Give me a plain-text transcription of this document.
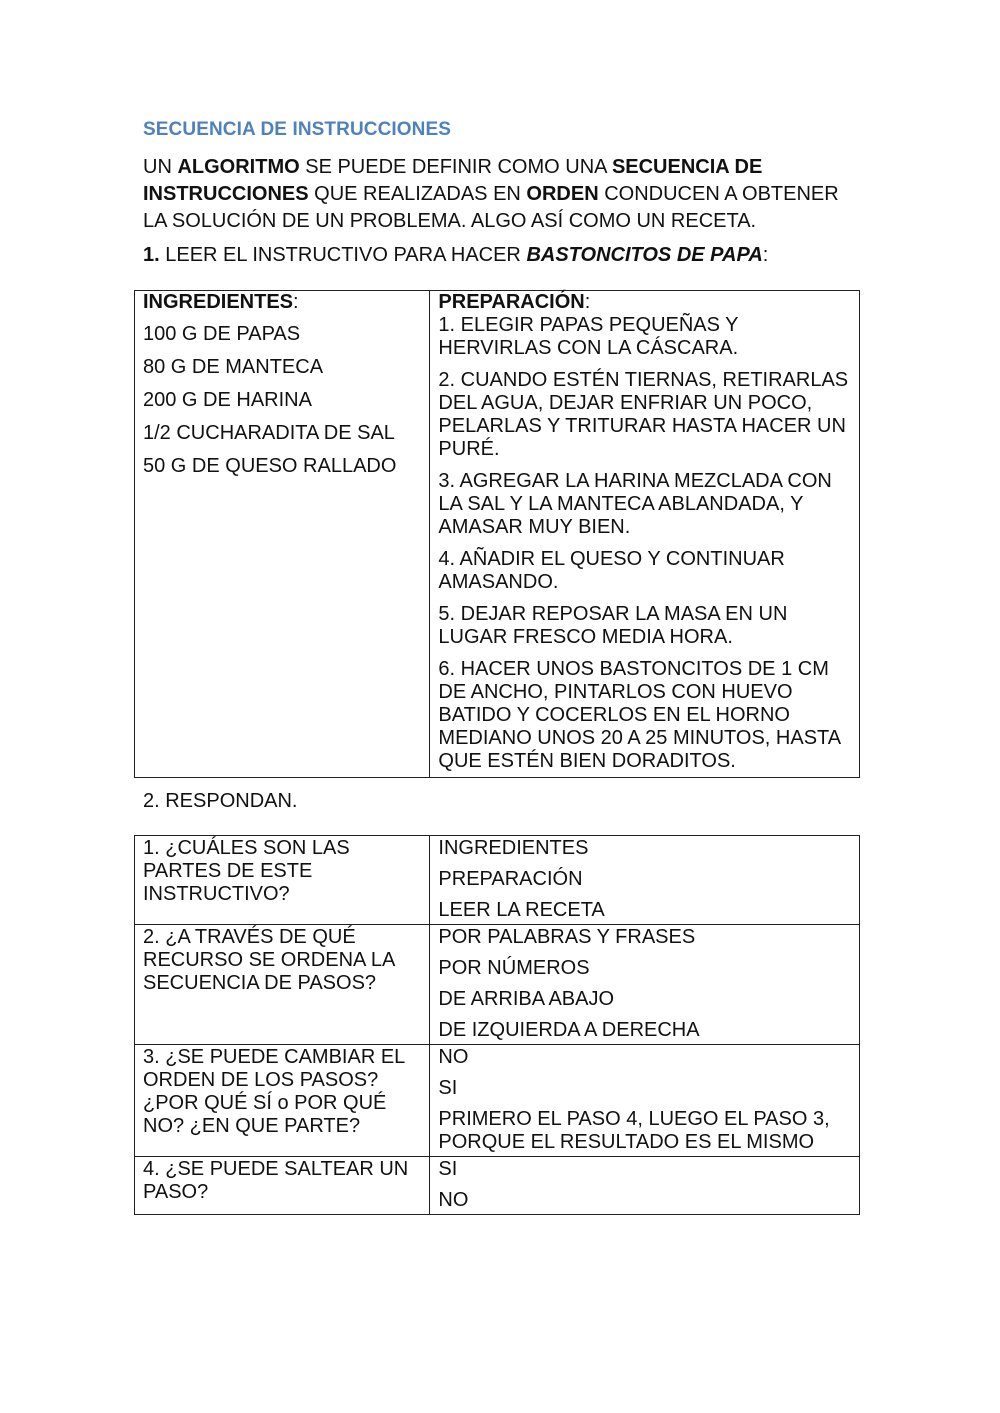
SECUENCIA DE INSTRUCCIONES
UN ALGORITMO SE PUEDE DEFINIR COMO UNA SECUENCIA DE INSTRUCCIONES QUE REALIZADAS EN ORDEN CONDUCEN A OBTENER LA SOLUCIÓN DE UN PROBLEMA. ALGO ASÍ COMO UN RECETA.
1. LEER EL INSTRUCTIVO PARA HACER BASTONCITOS DE PAPA:

INGREDIENTES:

100 G DE PAPAS

80 G DE MANTECA

200 G DE HARINA

1/2 CUCHARADITA DE SAL

50 G DE QUESO RALLADO

PREPARACIÓN:

1. ELEGIR PAPAS PEQUEÑAS Y HERVIRLAS CON LA CÁSCARA.

2. CUANDO ESTÉN TIERNAS, RETIRARLAS DEL AGUA, DEJAR ENFRIAR UN POCO, PELARLAS Y TRITURAR HASTA HACER UN PURÉ.

3. AGREGAR LA HARINA MEZCLADA CON LA SAL Y LA MANTECA ABLANDADA, Y AMASAR MUY BIEN.

4. AÑADIR EL QUESO Y CONTINUAR AMASANDO.

5. DEJAR REPOSAR LA MASA EN UN LUGAR FRESCO MEDIA HORA.

6. HACER UNOS BASTONCITOS DE 1 CM DE ANCHO, PINTARLOS CON HUEVO BATIDO Y COCERLOS EN EL HORNO MEDIANO UNOS 20 A 25 MINUTOS, HASTA QUE ESTÉN BIEN DORADITOS.

2. RESPONDAN.
1. ¿CUÁLES SON LAS PARTES DE ESTE INSTRUCTIVO?	INGREDIENTES

PREPARACIÓN

LEER LA RECETA

2. ¿A TRAVÉS DE QUÉ RECURSO SE ORDENA LA SECUENCIA DE PASOS?	POR PALABRAS Y FRASES

POR NÚMEROS

DE ARRIBA ABAJO

DE IZQUIERDA A DERECHA

3. ¿SE PUEDE CAMBIAR EL ORDEN DE LOS PASOS? ¿POR QUÉ SÍ o POR QUÉ NO? ¿EN QUE PARTE?	NO

SI

PRIMERO EL PASO 4, LUEGO EL PASO 3, PORQUE EL RESULTADO ES EL MISMO

4. ¿SE PUEDE SALTEAR UN PASO?	SI

NO
